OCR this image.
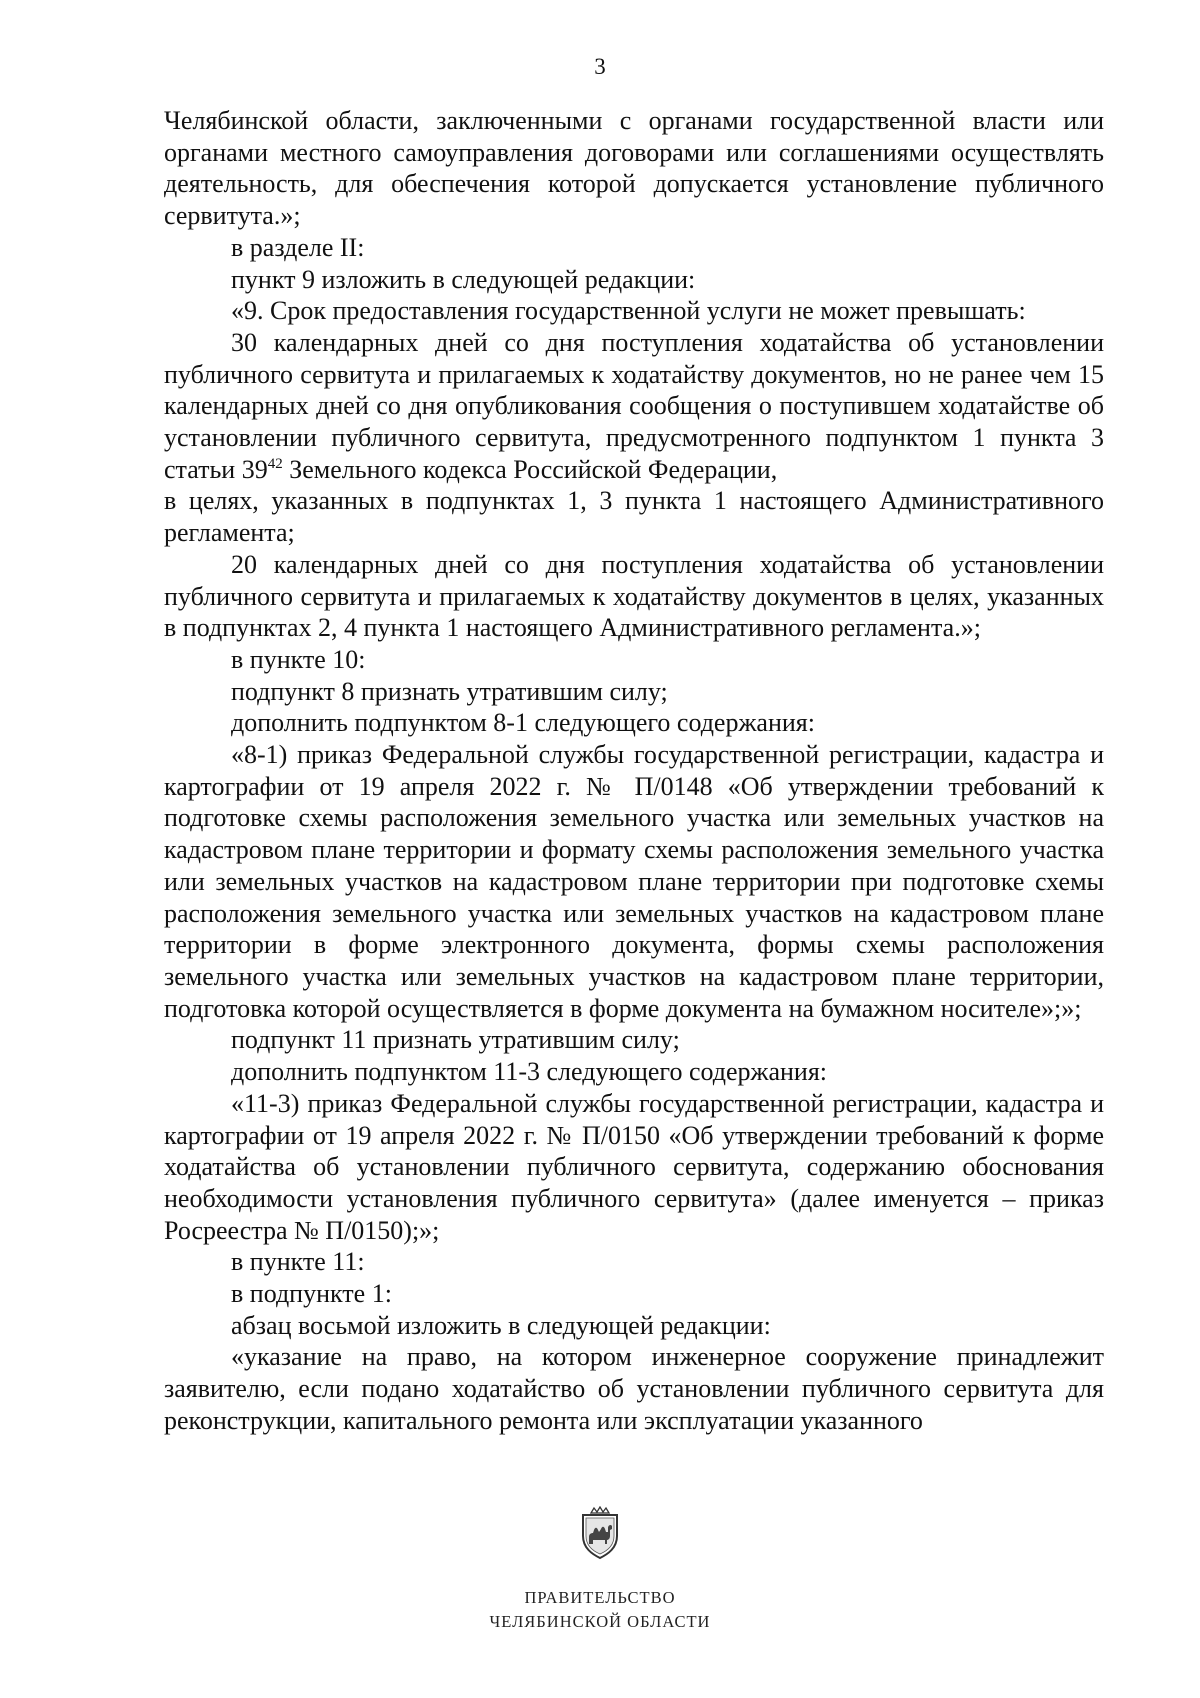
3

Челябинской области, заключенными с органами государственной власти или органами местного самоуправления договорами или соглашениями осуществлять деятельность, для обеспечения которой допускается установление публичного сервитута.»;

в разделе II:

пункт 9 изложить в следующей редакции:

«9. Срок предоставления государственной услуги не может превышать:

30 календарных дней со дня поступления ходатайства об установлении публичного сервитута и прилагаемых к ходатайству документов, но не ранее чем 15 календарных дней со дня опубликования сообщения о поступившем ходатайстве об установлении публичного сервитута, предусмотренного подпунктом 1 пункта 3 статьи $39^{42}$ Земельного кодекса Российской Федерации,

в целях, указанных в подпунктах 1, 3 пункта 1 настоящего Административного регламента;

20 календарных дней со дня поступления ходатайства об установлении публичного сервитута и прилагаемых к ходатайству документов в целях, указанных в подпунктах 2, 4 пункта 1 настоящего Административного регламента.»;

в пункте 10:

подпункт 8 признать утратившим силу;

дополнить подпунктом 8-1 следующего содержания:

«8-1) приказ Федеральной службы государственной регистрации, кадастра и картографии от 19 апреля 2022 г. № П/0148 «Об утверждении требований к подготовке схемы расположения земельного участка или земельных участков на кадастровом плане территории и формату схемы расположения земельного участка или земельных участков на кадастровом плане территории при подготовке схемы расположения земельного участка или земельных участков на кадастровом плане территории в форме электронного документа, формы схемы расположения земельного участка или земельных участков на кадастровом плане территории, подготовка которой осуществляется в форме документа на бумажном носителе»;»;

подпункт 11 признать утратившим силу;

дополнить подпунктом 11-3 следующего содержания:

«11-3) приказ Федеральной службы государственной регистрации, кадастра и картографии от 19 апреля 2022 г. № П/0150 «Об утверждении требований к форме ходатайства об установлении публичного сервитута, содержанию обоснования необходимости установления публичного сервитута» (далее именуется – приказ Росреестра № П/0150);»;

в пункте 11:

в подпункте 1:

абзац восьмой изложить в следующей редакции:

«указание на право, на котором инженерное сооружение принадлежит заявителю, если подано ходатайство об установлении публичного сервитута для реконструкции, капитального ремонта или эксплуатации указанного

ПРАВИТЕЛЬСТВО
ЧЕЛЯБИНСКОЙ ОБЛАСТИ
